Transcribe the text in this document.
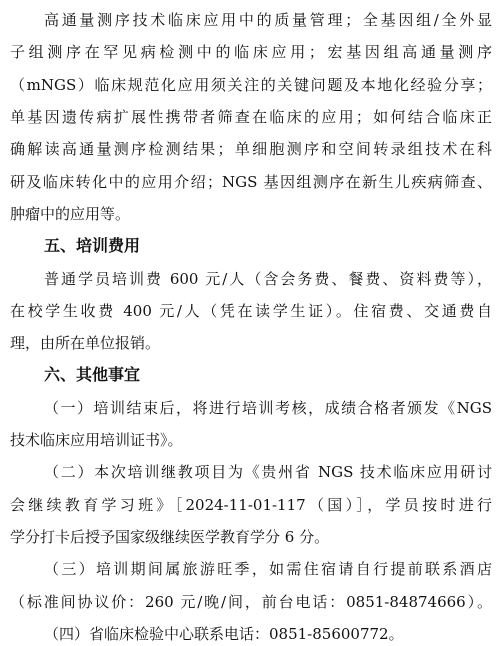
高通量测序技术临床应用中的质量管理；全基因组/全外显
子组测序在罕见病检测中的临床应用；宏基因组高通量测序
（mNGS）临床规范化应用须关注的关键问题及本地化经验分享；
单基因遗传病扩展性携带者筛查在临床的应用；如何结合临床正
确解读高通量测序检测结果；单细胞测序和空间转录组技术在科
研及临床转化中的应用介绍；NGS 基因组测序在新生儿疾病筛查、
肿瘤中的应用等。
五、培训费用
普通学员培训费 600 元/人（含会务费、餐费、资料费等），
在校学生收费 400 元/人（凭在读学生证）。住宿费、交通费自
理，由所在单位报销。
六、其他事宜
（一）培训结束后，将进行培训考核，成绩合格者颁发《NGS
技术临床应用培训证书》。
（二）本次培训继教项目为《贵州省 NGS 技术临床应用研讨
会继续教育学习班》［2024-11-01-117（国）］，学员按时进行
学分打卡后授予国家级继续医学教育学分 6 分。
（三）培训期间属旅游旺季，如需住宿请自行提前联系酒店
（标准间协议价：260 元/晚/间，前台电话：0851-84874666）。
（四）省临床检验中心联系电话：0851-85600772。
